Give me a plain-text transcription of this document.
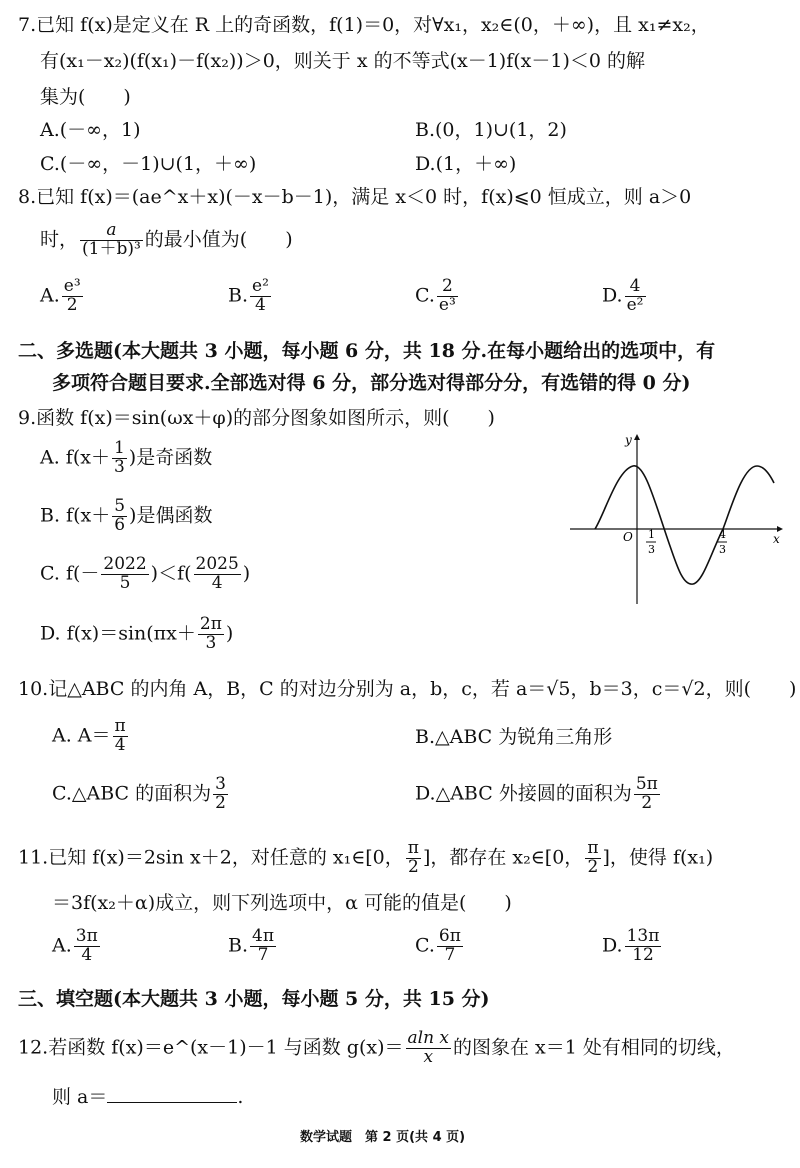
7.已知 f(x)是定义在 R 上的奇函数，f(1)＝0，对∀x₁，x₂∈(0，＋∞)，且 x₁≠x₂，
有(x₁－x₂)(f(x₁)－f(x₂))＞0，则关于 x 的不等式(x－1)f(x－1)＜0 的解
集为(　　)
A.(－∞，1)	B.(0，1)∪(1，2)
C.(－∞，－1)∪(1，＋∞)	D.(1，＋∞)
8.已知 f(x)＝(ae^x＋x)(－x－b－1)，满足 x＜0 时，f(x)⩽0 恒成立，则 a＞0
时， $\frac{a}{\text{(1＋b)³}}$ 的最小值为(　　)
A. $\frac{\text{e³}}{2}$	B. $\frac{\text{e²}}{4}$	C. $\frac{2}{\text{e³}}$	D. $\frac{4}{\text{e²}}$
二、多选题(本大题共 3 小题，每小题 6 分，共 18 分.在每小题给出的选项中，有
多项符合题目要求.全部选对得 6 分，部分选对得部分分，有选错的得 0 分)
9.函数 f(x)＝sin(ωx＋φ)的部分图象如图所示，则(　　)
A. $f(x+ \frac{1}{3}$ )是奇函数
B. $f(x+ \frac{5}{6}$ )是偶函数
C. $f(- \frac{2022}{5} )<f( \frac{2025}{4}$ )
D. $f(x)=\sin(\pi x+ \frac{2\pi}{3}$ )
y
x
O 1
3
4
3
10.记△ABC 的内角 A，B，C 的对边分别为 a，b，c，若 a＝√5，b＝3，c＝√2，则(　　)
A. $A= \frac{\pi}{4}$	B.△ABC 为锐角三角形
C.△ABC 的面积为 $\frac{3}{2}$	D.△ABC 外接圆的面积为 $\frac{5\pi}{2}$
11.已知 f(x)＝2sin x＋2，对任意的 x₁∈[0， $\frac{\pi}{2}$ ]，都存在 x₂∈[0， $\frac{\pi}{2}$ ]，使得 f(x₁)
＝3f(x₂＋α)成立，则下列选项中，α 可能的值是(　　)
A. $\frac{3\pi}{4}$	B. $\frac{4\pi}{7}$	C. $\frac{6\pi}{7}$	D. $\frac{13\pi}{12}$
三、填空题(本大题共 3 小题，每小题 5 分，共 15 分)
12.若函数 f(x)＝e^(x－1)－1 与函数 $g(x)= \frac{\text{aln x}}{x}$ 的图象在 x＝1 处有相同的切线，
则 a＝	.
数学试题　第 2 页(共 4 页)
